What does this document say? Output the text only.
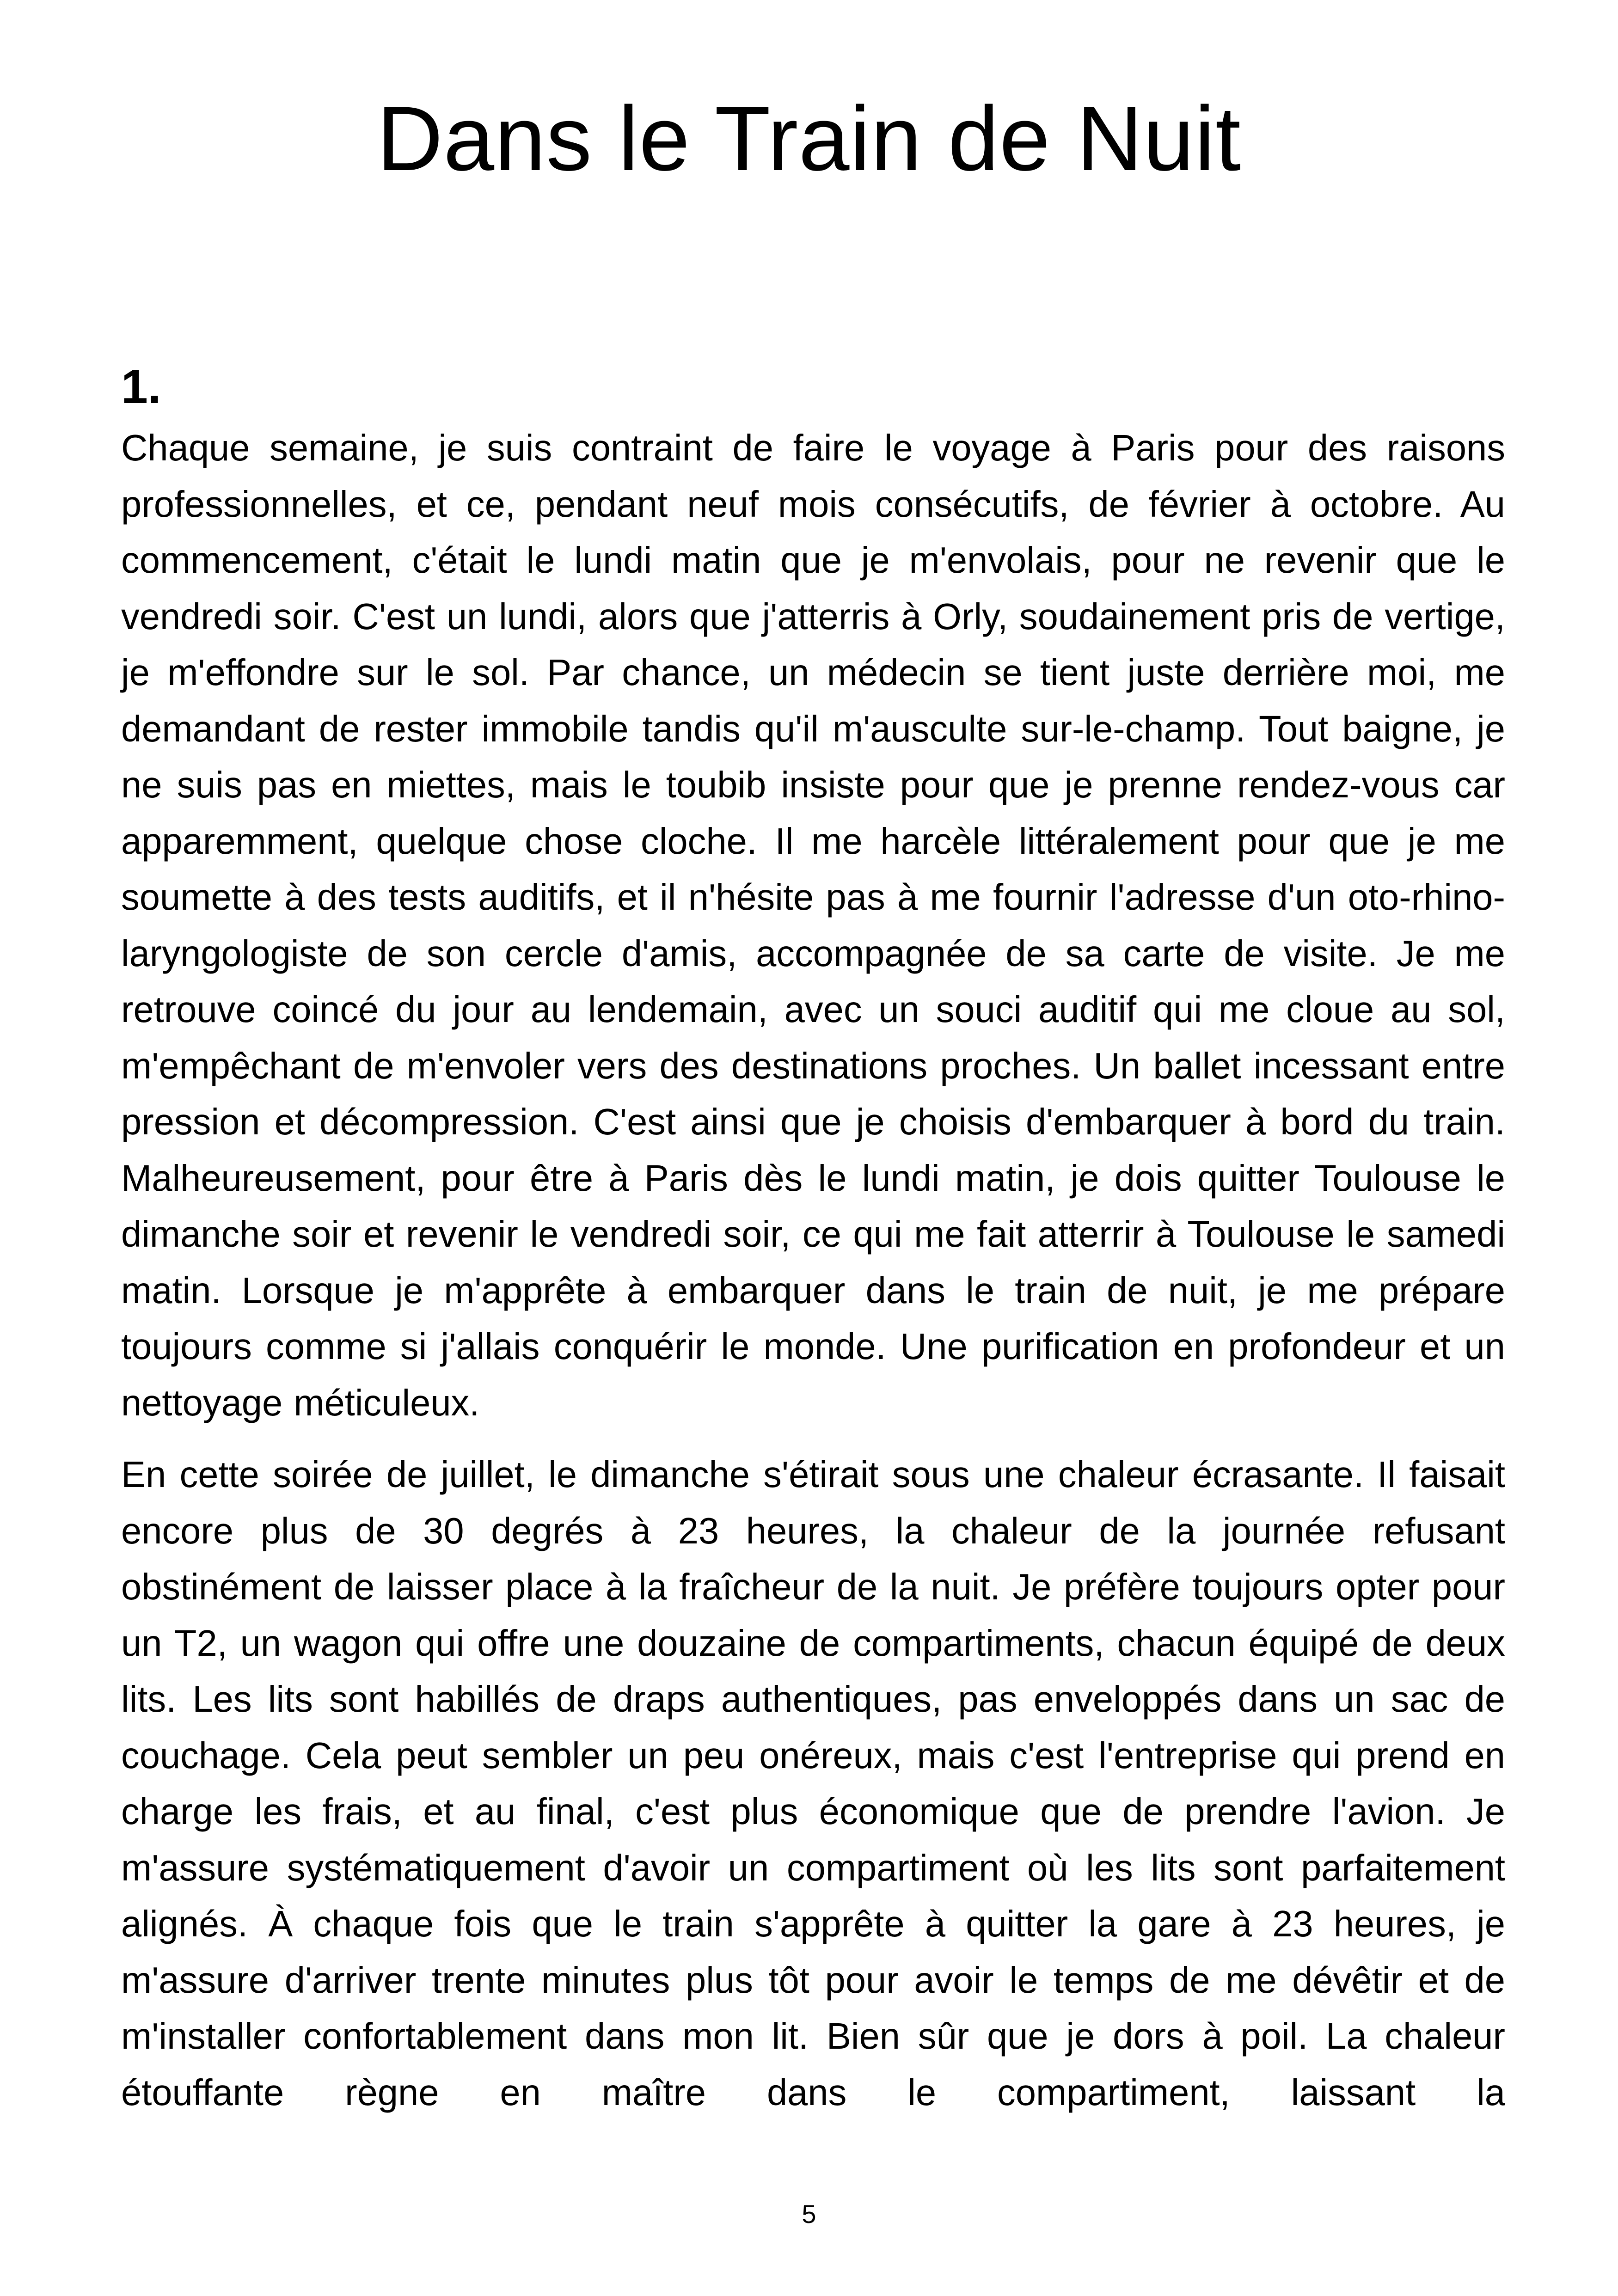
Dans le Train de Nuit
1.

Chaque semaine, je suis contraint de faire le voyage à Paris pour des raisons professionnelles, et ce, pendant neuf mois consécutifs, de février à octobre. Au commencement, c'était le lundi matin que je m'envolais, pour ne revenir que le vendredi soir. C'est un lundi, alors que j'atterris à Orly, soudainement pris de vertige, je m'effondre sur le sol. Par chance, un médecin se tient juste derrière moi, me demandant de rester immobile tandis qu'il m'ausculte sur-le-champ. Tout baigne, je ne suis pas en miettes, mais le toubib insiste pour que je prenne rendez-vous car apparemment, quelque chose cloche. Il me harcèle littéralement pour que je me soumette à des tests auditifs, et il n'hésite pas à me fournir l'adresse d'un oto-rhino-laryngologiste de son cercle d'amis, accompagnée de sa carte de visite. Je me retrouve coincé du jour au lendemain, avec un souci auditif qui me cloue au sol, m'empêchant de m'envoler vers des destinations proches. Un ballet incessant entre pression et décompression. C'est ainsi que je choisis d'embarquer à bord du train. Malheureusement, pour être à Paris dès le lundi matin, je dois quitter Toulouse le dimanche soir et revenir le vendredi soir, ce qui me fait atterrir à Toulouse le samedi matin. Lorsque je m'apprête à embarquer dans le train de nuit, je me prépare toujours comme si j'allais conquérir le monde. Une purification en profondeur et un nettoyage méticuleux.

En cette soirée de juillet, le dimanche s'étirait sous une chaleur écrasante. Il faisait encore plus de 30 degrés à 23 heures, la chaleur de la journée refusant obstinément de laisser place à la fraîcheur de la nuit. Je préfère toujours opter pour un T2, un wagon qui offre une douzaine de compartiments, chacun équipé de deux lits. Les lits sont habillés de draps authentiques, pas enveloppés dans un sac de couchage. Cela peut sembler un peu onéreux, mais c'est l'entreprise qui prend en charge les frais, et au final, c'est plus économique que de prendre l'avion. Je m'assure systématiquement d'avoir un compartiment où les lits sont parfaitement alignés. À chaque fois que le train s'apprête à quitter la gare à 23 heures, je m'assure d'arriver trente minutes plus tôt pour avoir le temps de me dévêtir et de m'installer confortablement dans mon lit. Bien sûr que je dors à poil. La chaleur étouffante règne en maître dans le compartiment, laissant la

5
